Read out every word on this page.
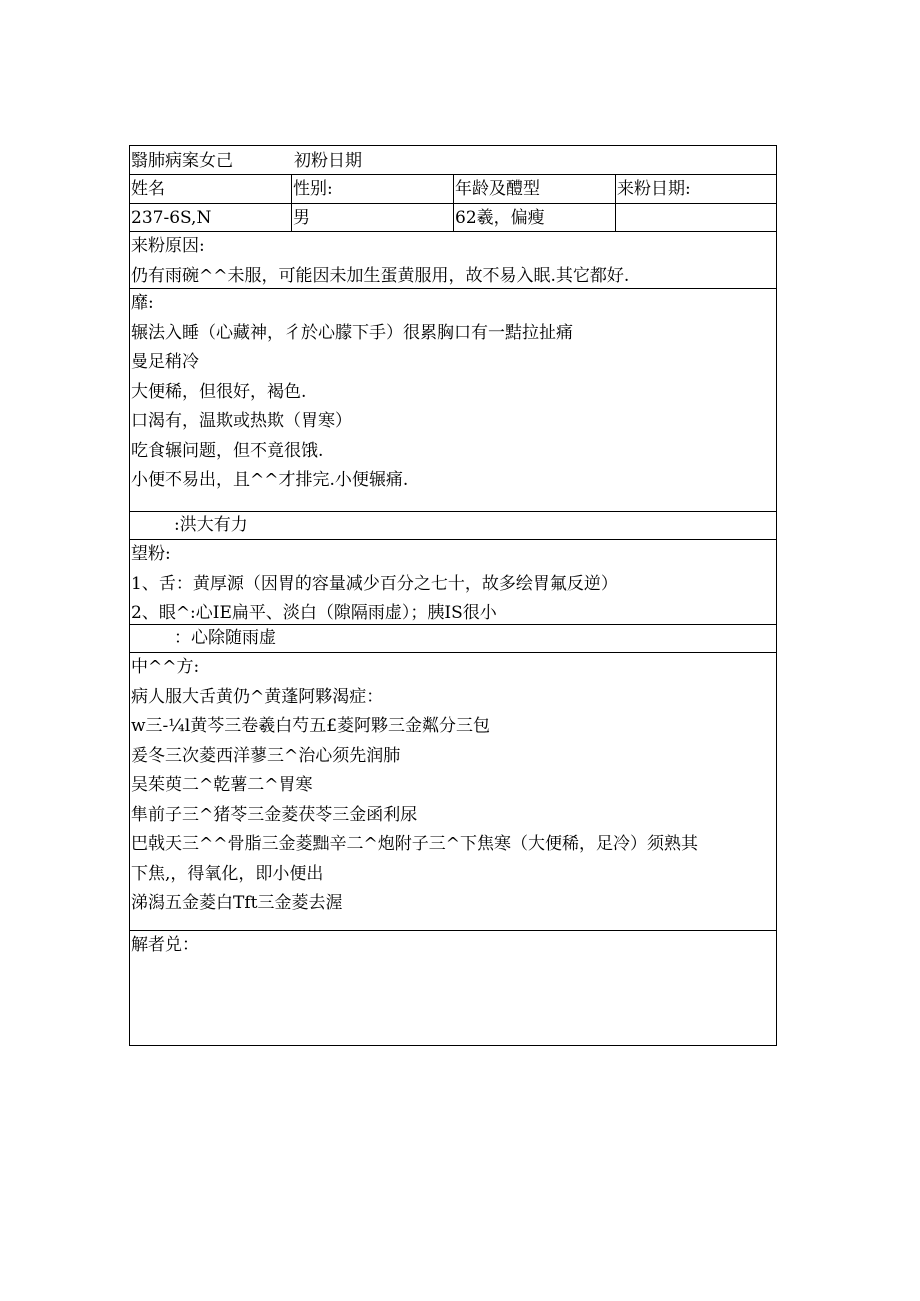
翳肺病案女己	初粉日期
姓名	性别:	年龄及醴型	来粉日期:
237-6S,N	男	62羲，偏瘦
来粉原因:
仍有雨碗^^未服，可能因未加生蛋黄服用，故不易入眠.其它都好.
靡:
辗法入睡（心藏神，彳於心朦下手）很累胸口有一黠拉扯痛
曼足稍冷
大便稀，但很好，褐色.
口渴有，温欺或热欺（胃寒）
吃食辗问题，但不竟很饿.
小便不易出，且^^才排完.小便辗痛.
:洪大有力
望粉:
1、舌：黄厚源（因胃的容量减少百分之七十，故多绘胃氟反逆）
2、眼^:心IE扁平、淡白（隙隔雨虚）；胰IS很小
：心除随雨虚
中^^方:
病人服大舌黄仍^黄蓬阿夥渴症：
w三-¼l黄芩三卷羲白芍五£菱阿夥三金粼分三包
爰冬三次菱西洋蓼三^治心须先润肺
吴茱萸二^乾薯二^胃寒
隼前子三^猪苓三金菱茯苓三金函利尿
巴戟天三^^骨脂三金菱黜辛二^炮附子三^下焦寒（大便稀，足冷）须熟其
下焦,，得氧化，即小便出
涕潟五金菱白Tft三金菱去渥
解者兑：
